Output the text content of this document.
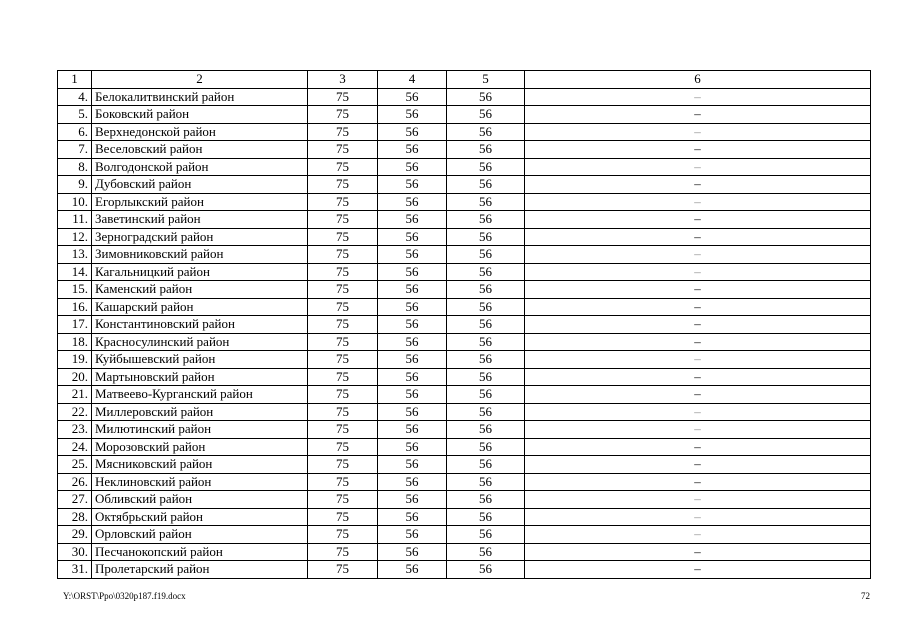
1	2	3	4	5	6
4.	Белокалитвинский район	75	56	56	–
5.	Боковский район	75	56	56	–
6.	Верхнедонской район	75	56	56	–
7.	Веселовский район	75	56	56	–
8.	Волгодонской район	75	56	56	–
9.	Дубовский район	75	56	56	–
10.	Егорлыкский район	75	56	56	–
11.	Заветинский район	75	56	56	–
12.	Зерноградский район	75	56	56	–
13.	Зимовниковский район	75	56	56	–
14.	Кагальницкий район	75	56	56	–
15.	Каменский район	75	56	56	–
16.	Кашарский район	75	56	56	–
17.	Константиновский район	75	56	56	–
18.	Красносулинский район	75	56	56	–
19.	Куйбышевский район	75	56	56	–
20.	Мартыновский район	75	56	56	–
21.	Матвеево-Курганский район	75	56	56	–
22.	Миллеровский район	75	56	56	–
23.	Милютинский район	75	56	56	–
24.	Морозовский район	75	56	56	–
25.	Мясниковский район	75	56	56	–
26.	Неклиновский район	75	56	56	–
27.	Обливский район	75	56	56	–
28.	Октябрьский район	75	56	56	–
29.	Орловский район	75	56	56	–
30.	Песчанокопский район	75	56	56	–
31.	Пролетарский район	75	56	56	–
Y:\ORST\Ppo\0320p187.f19.docx	72
